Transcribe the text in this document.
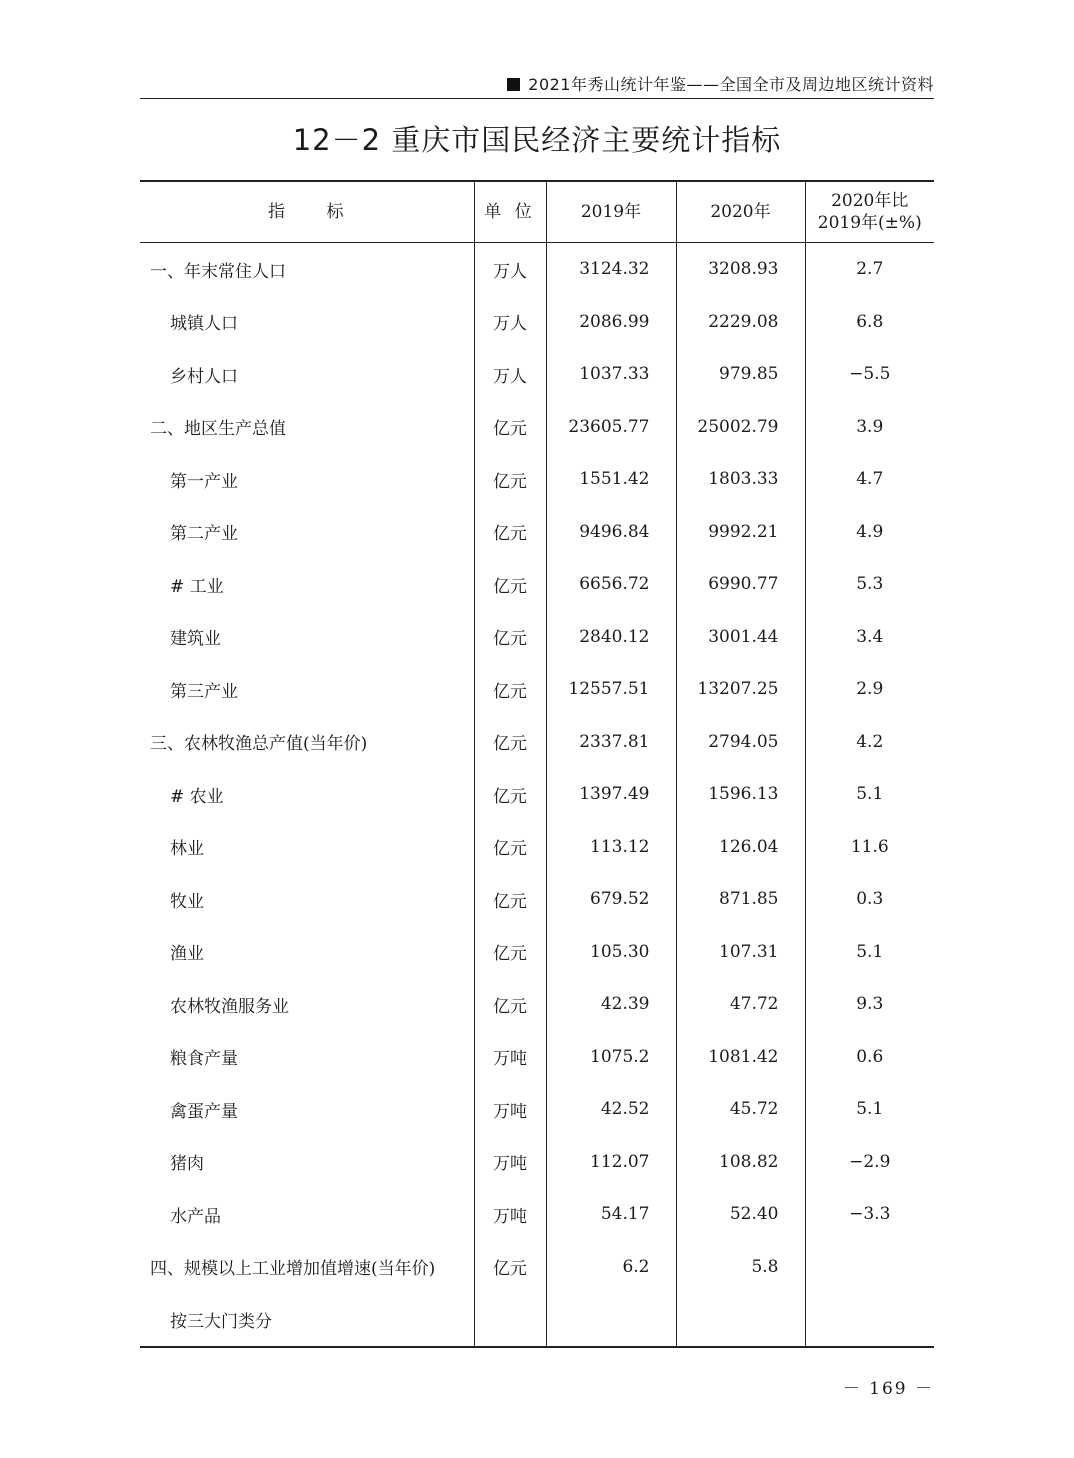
2021年秀山统计年鉴——全国全市及周边地区统计资料
12－2 重庆市国民经济主要统计指标
指 标	单 位	2019年	2020年	2020年比
2019年(±%)

一、年末常住人口	万人	3124.32	3208.93	2.7
城镇人口	万人	2086.99	2229.08	6.8
乡村人口	万人	1037.33	979.85	−5.5
二、地区生产总值	亿元	23605.77	25002.79	3.9
第一产业	亿元	1551.42	1803.33	4.7
第二产业	亿元	9496.84	9992.21	4.9
# 工业	亿元	6656.72	6990.77	5.3
建筑业	亿元	2840.12	3001.44	3.4
第三产业	亿元	12557.51	13207.25	2.9
三、农林牧渔总产值(当年价)	亿元	2337.81	2794.05	4.2
# 农业	亿元	1397.49	1596.13	5.1
林业	亿元	113.12	126.04	11.6
牧业	亿元	679.52	871.85	0.3
渔业	亿元	105.30	107.31	5.1
农林牧渔服务业	亿元	42.39	47.72	9.3
粮食产量	万吨	1075.2	1081.42	0.6
禽蛋产量	万吨	42.52	45.72	5.1
猪肉	万吨	112.07	108.82	−2.9
水产品	万吨	54.17	52.40	−3.3
四、规模以上工业增加值增速(当年价)	亿元	6.2	5.8	
按三大门类分				
－ 169 －
